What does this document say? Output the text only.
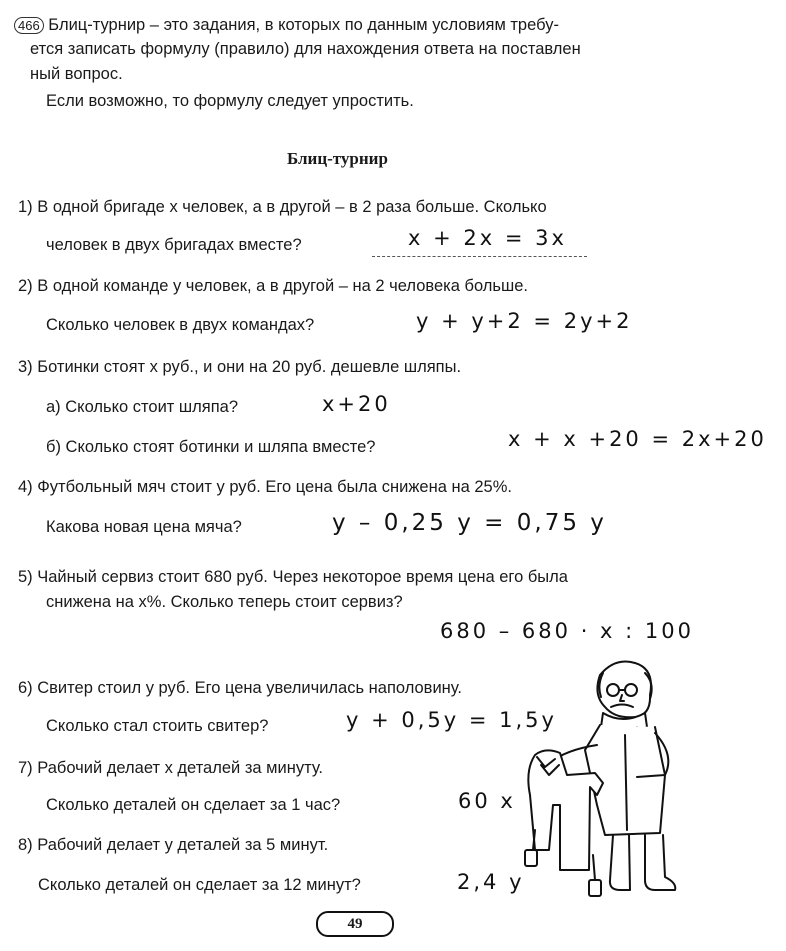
466 Блиц-турнир – это задания, в которых по данным условиям требу-
ется записать формулу (правило) для нахождения ответа на поставлен
ный вопрос.
Если возможно, то формулу следует упростить.
Блиц-турнир
1) В одной бригаде x человек, а в другой – в 2 раза больше. Сколько
человек в двух бригадах вместе?	x + 2x = 3x
2) В одной команде y человек, а в другой – на 2 человека больше.
Сколько человек в двух командах?	y + y+2 = 2y+2
3) Ботинки стоят x руб., и они на 20 руб. дешевле шляпы.
а) Сколько стоит шляпа?	x+20
б) Сколько стоят ботинки и шляпа вместе?	x + x +20 = 2x+20
4) Футбольный мяч стоит y руб. Его цена была снижена на 25%.
Какова новая цена мяча?	y – 0,25 y = 0,75 y
5) Чайный сервиз стоит 680 руб. Через некоторое время цена его была
снижена на x%. Сколько теперь стоит сервиз?
680 – 680 · x : 100
6) Свитер стоил y руб. Его цена увеличилась наполовину.
Сколько стал стоить свитер?	y + 0,5y = 1,5y
7) Рабочий делает x деталей за минуту.
Сколько деталей он сделает за 1 час?	60 x
8) Рабочий делает y деталей за 5 минут.
Сколько деталей он сделает за 12 минут?	2,4 y
49
